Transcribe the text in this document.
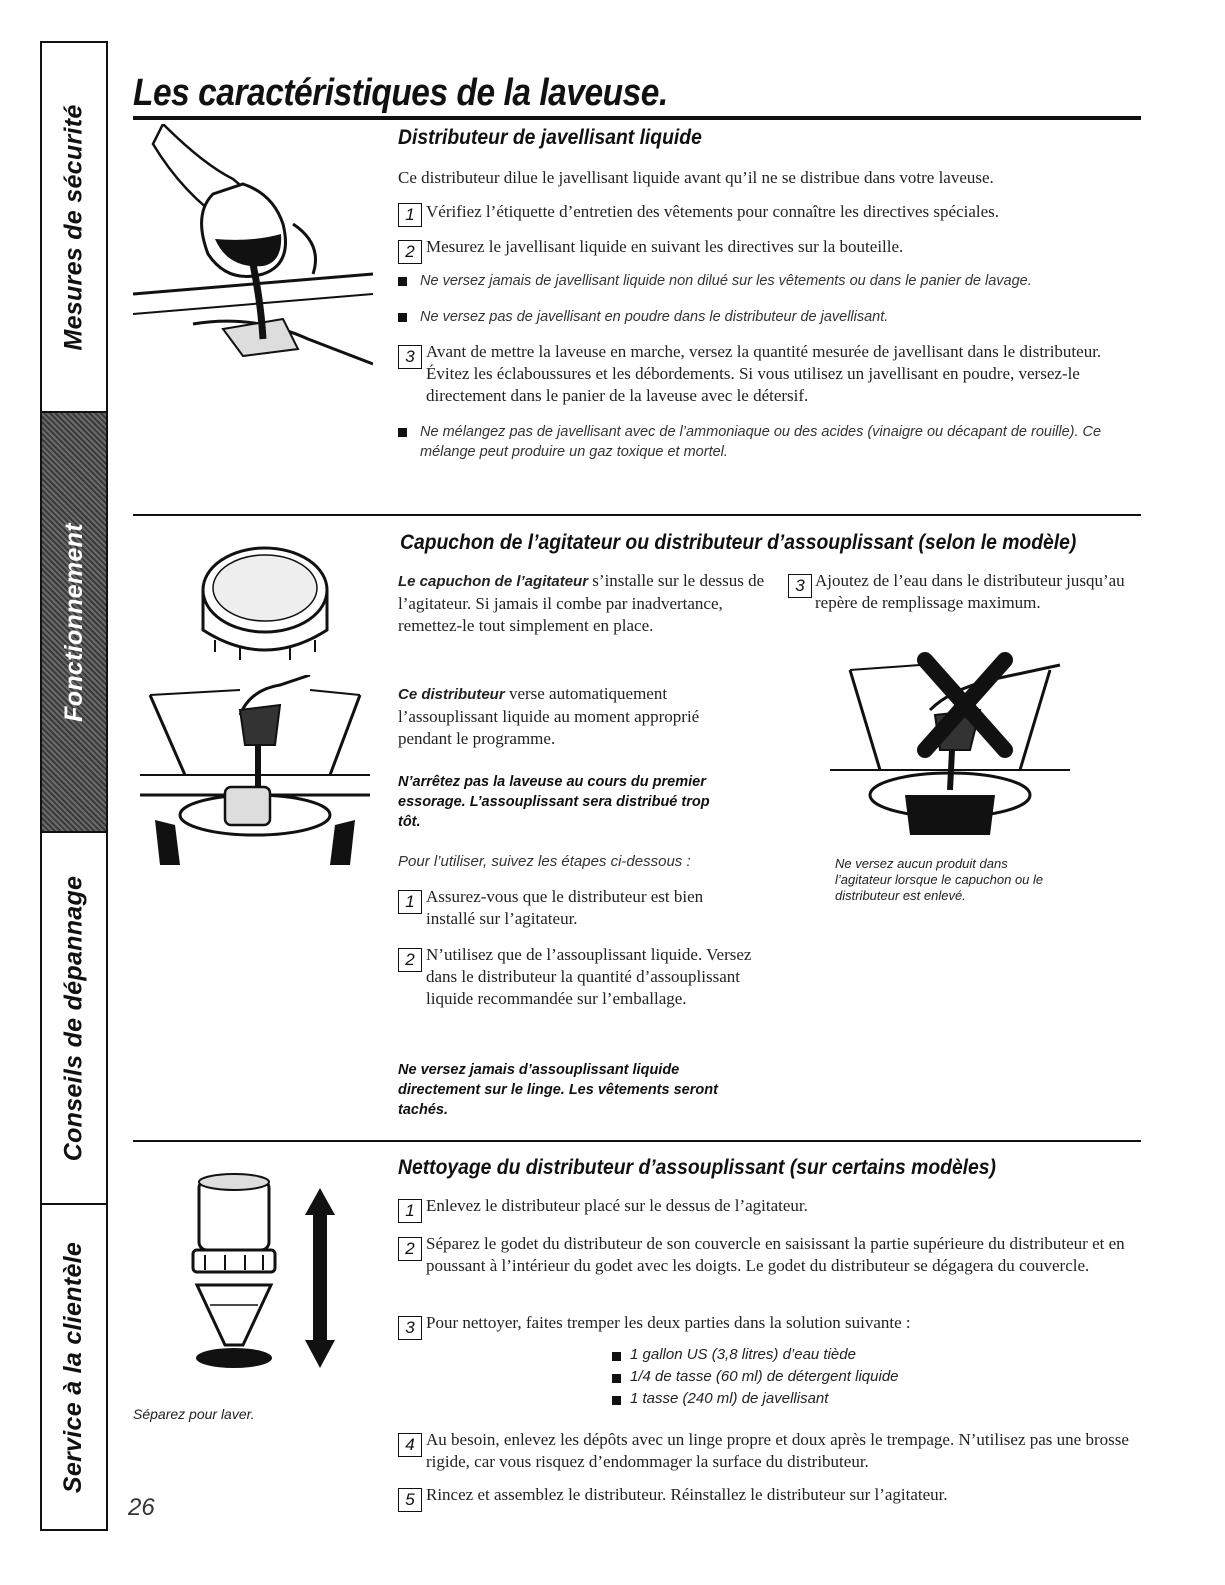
Mesures de sécurité
Fonctionnement
Conseils de dépannage
Service à la clientèle
Les caractéristiques de la laveuse.
Distributeur de javellisant liquide
Ce distributeur dilue le javellisant liquide avant qu’il ne se distribue dans votre laveuse.
1 Vérifiez l’étiquette d’entretien des vêtements pour connaître les directives spéciales.
2 Mesurez le javellisant liquide en suivant les directives sur la bouteille.
Ne versez jamais de javellisant liquide non dilué sur les vêtements ou dans le panier de lavage.
Ne versez pas de javellisant en poudre dans le distributeur de javellisant.
3 Avant de mettre la laveuse en marche, versez la quantité mesurée de javellisant dans le distributeur. Évitez les éclaboussures et les débordements. Si vous utilisez un javellisant en poudre, versez-le directement dans le panier de la laveuse avec le détersif.
Ne mélangez pas de javellisant avec de l’ammoniaque ou des acides (vinaigre ou décapant de rouille). Ce mélange peut produire un gaz toxique et mortel.
Capuchon de l’agitateur ou distributeur d’assouplissant (selon le modèle)
Le capuchon de l’agitateur s’installe sur le dessus de l’agitateur. Si jamais il combe par inadvertance, remettez-le tout simplement en place.
Ce distributeur verse automatiquement l’assouplissant liquide au moment approprié pendant le programme.
N’arrêtez pas la laveuse au cours du premier essorage. L’assouplissant sera distribué trop tôt.
Pour l’utiliser, suivez les étapes ci-dessous :
1 Assurez-vous que le distributeur est bien installé sur l’agitateur.
2 N’utilisez que de l’assouplissant liquide. Versez dans le distributeur la quantité d’assouplissant liquide recommandée sur l’emballage.
Ne versez jamais d’assouplissant liquide directement sur le linge. Les vêtements seront tachés.
3 Ajoutez de l’eau dans le distributeur jusqu’au repère de remplissage maximum.
Ne versez aucun produit dans l’agitateur lorsque le capuchon ou le distributeur est enlevé.
Séparez pour laver.
Nettoyage du distributeur d’assouplissant (sur certains modèles)
1 Enlevez le distributeur placé sur le dessus de l’agitateur.
2 Séparez le godet du distributeur de son couvercle en saisissant la partie supérieure du distributeur et en poussant à l’intérieur du godet avec les doigts. Le godet du distributeur se dégagera du couvercle.
3 Pour nettoyer, faites tremper les deux parties dans la solution suivante :
1 gallon US (3,8 litres) d’eau tiède
1/4 de tasse (60 ml) de détergent liquide
1 tasse (240 ml) de javellisant
4 Au besoin, enlevez les dépôts avec un linge propre et doux après le trempage. N’utilisez pas une brosse rigide, car vous risquez d’endommager la surface du distributeur.
5 Rincez et assemblez le distributeur. Réinstallez le distributeur sur l’agitateur.
26
